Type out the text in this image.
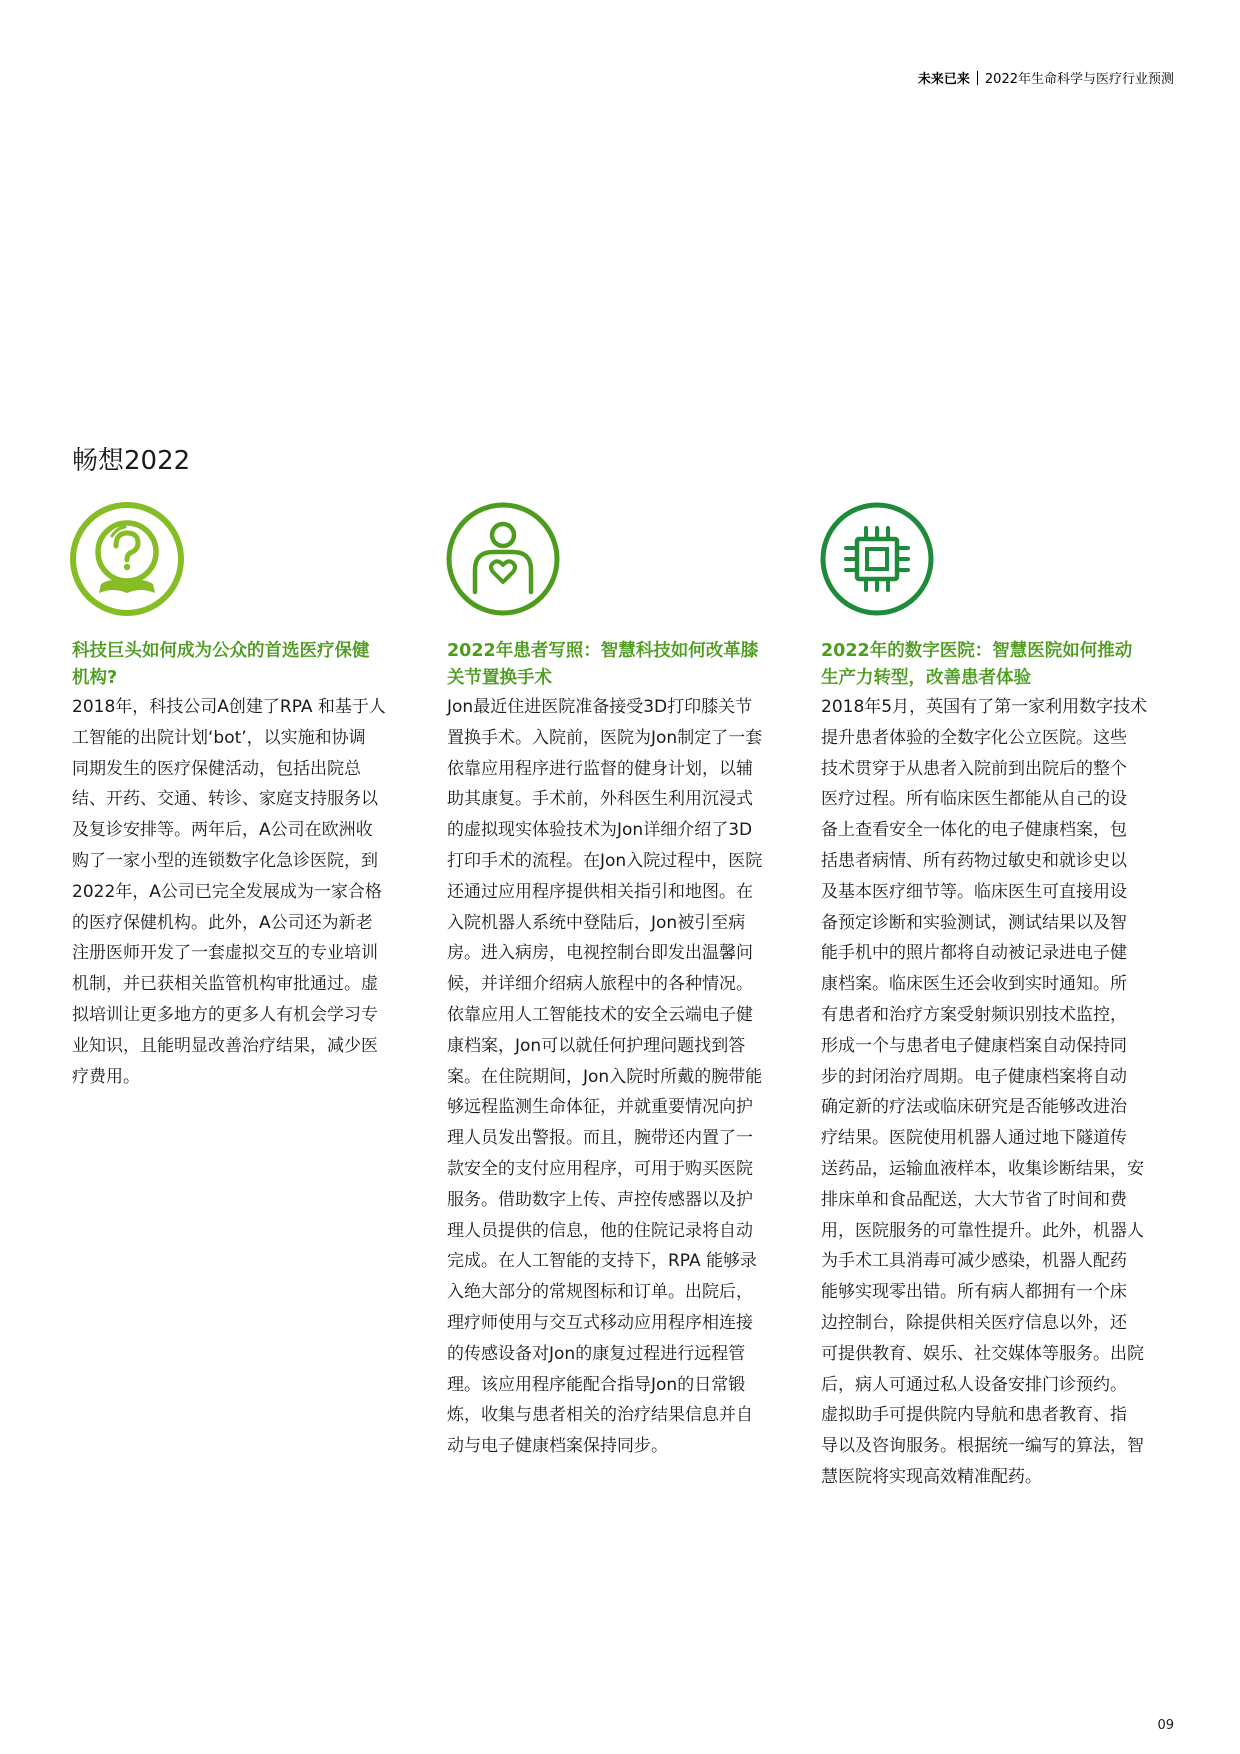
未来已来 2022年生命科学与医疗行业预测
畅想2022
科技巨头如何成为公众的首选医疗保健
机构?
2018年，科技公司A创建了RPA 和基于人
工智能的出院计划‘bot’，以实施和协调
同期发生的医疗保健活动，包括出院总
结、开药、交通、转诊、家庭支持服务以
及复诊安排等。两年后，A公司在欧洲收
购了一家小型的连锁数字化急诊医院，到
2022年，A公司已完全发展成为一家合格
的医疗保健机构。此外，A公司还为新老
注册医师开发了一套虚拟交互的专业培训
机制，并已获相关监管机构审批通过。虚
拟培训让更多地方的更多人有机会学习专
业知识，且能明显改善治疗结果，减少医
疗费用。
2022年患者写照：智慧科技如何改革膝
关节置换手术
Jon最近住进医院准备接受3D打印膝关节
置换手术。入院前，医院为Jon制定了一套
依靠应用程序进行监督的健身计划，以辅
助其康复。手术前，外科医生利用沉浸式
的虚拟现实体验技术为Jon详细介绍了3D
打印手术的流程。在Jon入院过程中，医院
还通过应用程序提供相关指引和地图。在
入院机器人系统中登陆后，Jon被引至病
房。进入病房，电视控制台即发出温馨问
候，并详细介绍病人旅程中的各种情况。
依靠应用人工智能技术的安全云端电子健
康档案，Jon可以就任何护理问题找到答
案。在住院期间，Jon入院时所戴的腕带能
够远程监测生命体征，并就重要情况向护
理人员发出警报。而且，腕带还内置了一
款安全的支付应用程序，可用于购买医院
服务。借助数字上传、声控传感器以及护
理人员提供的信息，他的住院记录将自动
完成。在人工智能的支持下，RPA 能够录
入绝大部分的常规图标和订单。出院后，
理疗师使用与交互式移动应用程序相连接
的传感设备对Jon的康复过程进行远程管
理。该应用程序能配合指导Jon的日常锻
炼，收集与患者相关的治疗结果信息并自
动与电子健康档案保持同步。
2022年的数字医院：智慧医院如何推动
生产力转型，改善患者体验
2018年5月，英国有了第一家利用数字技术
提升患者体验的全数字化公立医院。这些
技术贯穿于从患者入院前到出院后的整个
医疗过程。所有临床医生都能从自己的设
备上查看安全一体化的电子健康档案，包
括患者病情、所有药物过敏史和就诊史以
及基本医疗细节等。临床医生可直接用设
备预定诊断和实验测试，测试结果以及智
能手机中的照片都将自动被记录进电子健
康档案。临床医生还会收到实时通知。所
有患者和治疗方案受射频识别技术监控，
形成一个与患者电子健康档案自动保持同
步的封闭治疗周期。电子健康档案将自动
确定新的疗法或临床研究是否能够改进治
疗结果。医院使用机器人通过地下隧道传
送药品，运输血液样本，收集诊断结果，安
排床单和食品配送，大大节省了时间和费
用，医院服务的可靠性提升。此外，机器人
为手术工具消毒可减少感染，机器人配药
能够实现零出错。所有病人都拥有一个床
边控制台，除提供相关医疗信息以外，还
可提供教育、娱乐、社交媒体等服务。出院
后，病人可通过私人设备安排门诊预约。
虚拟助手可提供院内导航和患者教育、指
导以及咨询服务。根据统一编写的算法，智
慧医院将实现高效精准配药。
09
